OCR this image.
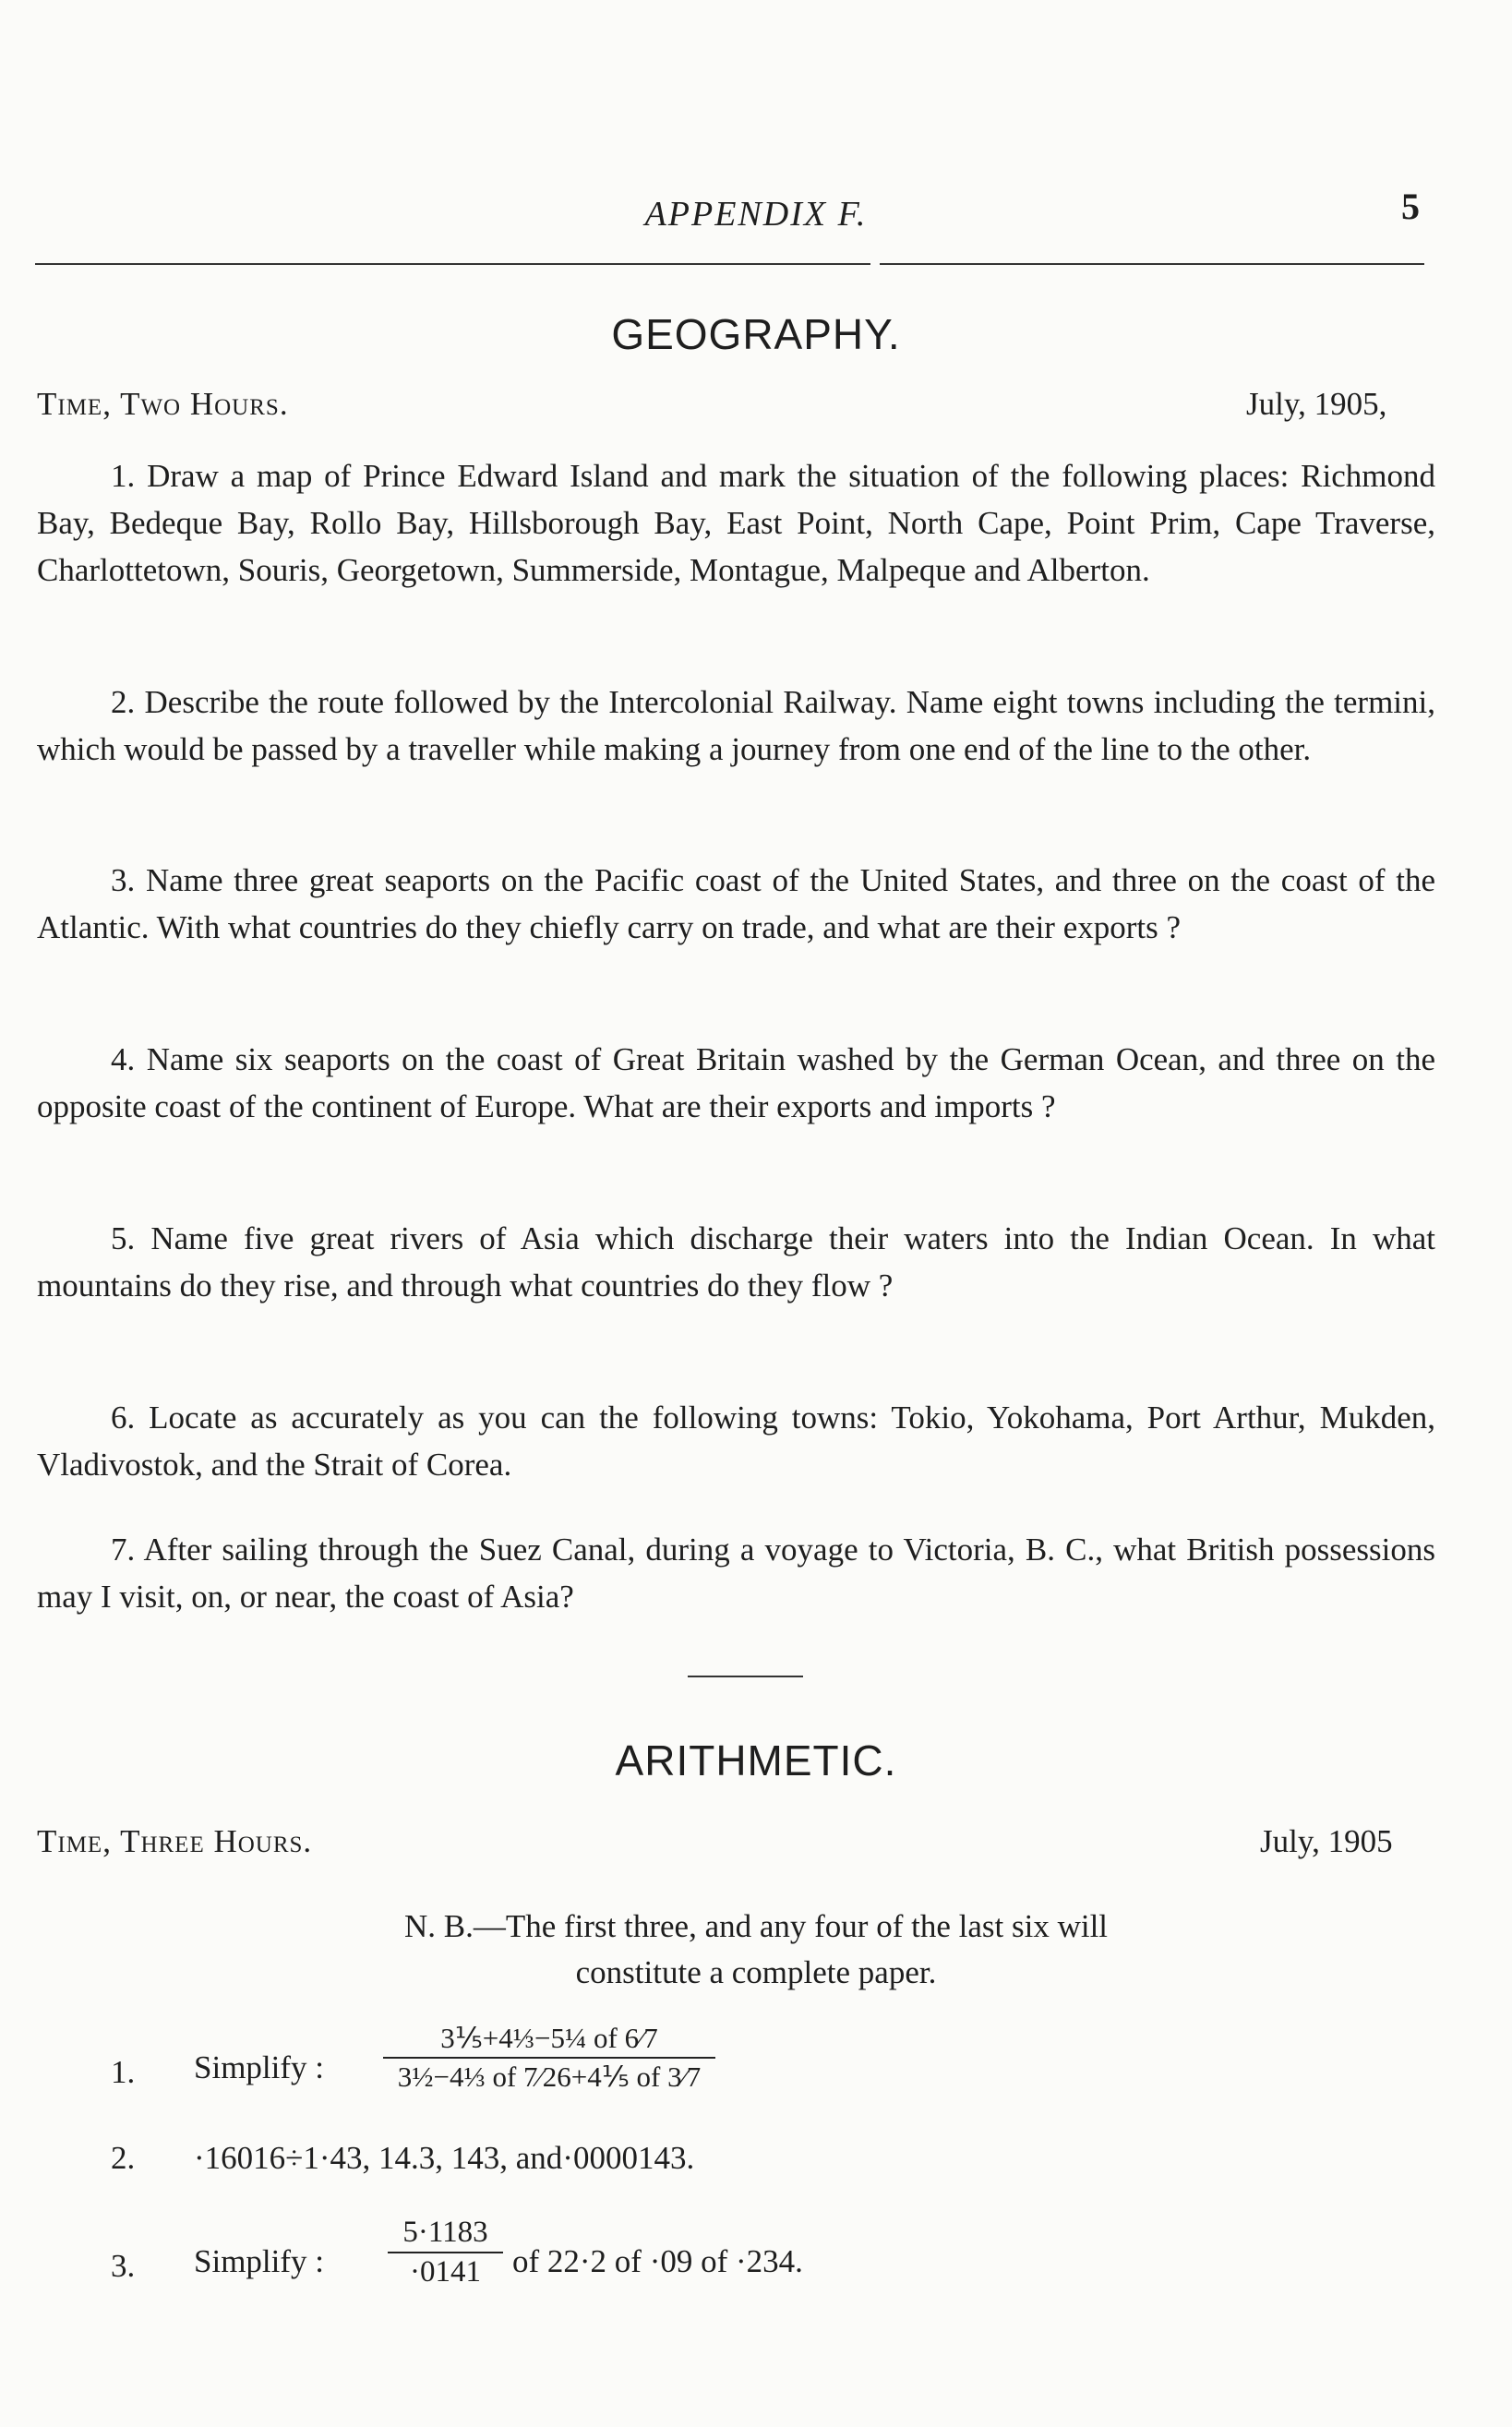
APPENDIX F.	5
GEOGRAPHY.
Time, Two Hours.	July, 1905,
1. Draw a map of Prince Edward Island and mark the situation of the following places: Richmond Bay, Bedeque Bay, Rollo Bay, Hillsborough Bay, East Point, North Cape, Point Prim, Cape Traverse, Charlottetown, Souris, Georgetown, Summerside, Montague, Malpeque and Alberton.
2. Describe the route followed by the Intercolonial Railway. Name eight towns including the termini, which would be passed by a traveller while making a journey from one end of the line to the other.
3. Name three great seaports on the Pacific coast of the United States, and three on the coast of the Atlantic. With what countries do they chiefly carry on trade, and what are their exports ?
4. Name six seaports on the coast of Great Britain washed by the German Ocean, and three on the opposite coast of the continent of Europe. What are their exports and imports ?
5. Name five great rivers of Asia which discharge their waters into the Indian Ocean. In what mountains do they rise, and through what countries do they flow ?
6. Locate as accurately as you can the following towns: Tokio, Yokohama, Port Arthur, Mukden, Vladivostok, and the Strait of Corea.
7. After sailing through the Suez Canal, during a voyage to Victoria, B. C., what British possessions may I visit, on, or near, the coast of Asia?
ARITHMETIC.
Time, Three Hours.	July, 1905
N. B.—The first three, and any four of the last six will
constitute a complete paper.
1. Simplify :
3⅕+4⅓−5¼ of 6⁄7
3½−4⅓ of 7⁄26+4⅕ of 3⁄7
2. ·16016÷1·43, 14.3, 143, and·0000143.
3. Simplify :
5·1183
·0141 of 22·2 of ·09 of ·234.
